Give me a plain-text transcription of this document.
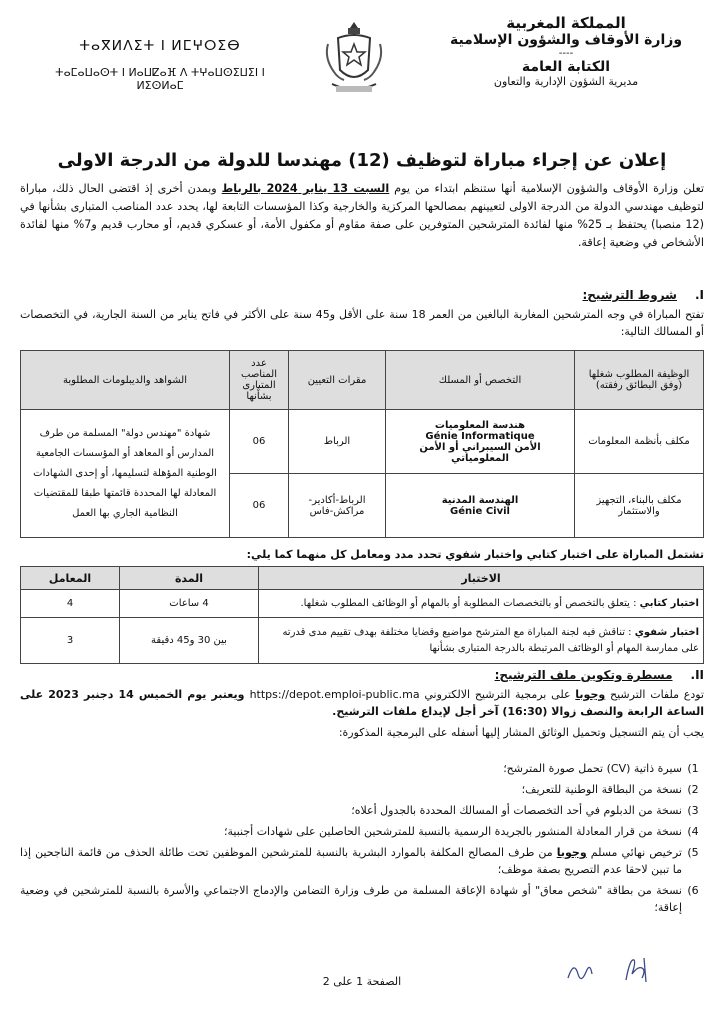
المملكة المغربية
وزارة الأوقاف والشؤون الإسلامية
----
الكتابة العامة
مديرية الشؤون الإدارية والتعاون
ⵜⴰⴳⵍⴷⵉⵜ ⵏ ⵍⵎⵖⵔⵉⴱ
ⵜⴰⵎⴰⵡⴰⵙⵜ ⵏ ⵍⴰⵡⵇⴰⴼ ⴷ ⵜⵖⴰⵡⵙⵉⵡⵉⵏ ⵏ ⵍⵉⵙⵍⴰⵎ
إعلان عن إجراء مباراة لتوظيف (12) مهندسا للدولة من الدرجة الاولى
تعلن وزارة الأوقاف والشؤون الإسلامية أنها ستنظم ابتداء من يوم السبت 13 يناير 2024 بالرباط وبمدن أخرى إذ اقتضى الحال ذلك، مباراة لتوظيف مهندسي الدولة من الدرجة الاولى لتعيينهم بمصالحها المركزية والخارجية وكذا المؤسسات التابعة لها، يحدد عدد المناصب المتبارى بشأنها في (12 منصبا) يحتفظ بـ 25% منها لفائدة المترشحين المتوفرين على صفة مقاوم أو مكفول الأمة، أو عسكري قديم، أو محارب قديم و7% منها لفائدة الأشخاص في وضعية إعاقة.
I.شروط الترشيح:
تفتح المباراة في وجه المترشحين المغاربة البالغين من العمر 18 سنة على الأقل و45 سنة على الأكثر في فاتح يناير من السنة الجارية، في التخصصات أو المسالك التالية:
الوظيفة المطلوب شغلها (وفق البطائق رفقته)	التخصص أو المسلك	مقرات التعيين	عدد المناصب المتبارى بشأنها	الشواهد والديبلومات المطلوبة
مكلف بأنظمة المعلومات	هندسة المعلوميات
Génie Informatique
الأمن السيبراني أو الأمن المعلومياتي	الرباط	06	شهادة "مهندس دولة" المسلمة من طرف المدارس أو المعاهد أو المؤسسات الجامعية الوطنية المؤهلة لتسليمها، أو إحدى الشهادات المعادلة لها المحددة قائمتها طبقا للمقتضيات النظامية الجاري بها العمل
مكلف بالبناء، التجهيز والاستثمار	الهندسة المدنية
Génie Civil	الرباط-أكادير-مراكش-فاس	06	
تشتمل المباراة على اختبار كتابي واختبار شفوي تحدد مدد ومعامل كل منهما كما يلي:
الاختبار	المدة	المعامل
اختبار كتابي : يتعلق بالتخصص أو بالتخصصات المطلوبة أو بالمهام أو الوظائف المطلوب شغلها.	4 ساعات	4
اختبار شفوي : تناقش فيه لجنة المباراة مع المترشح مواضيع وقضايا مختلفة بهدف تقييم مدى قدرته على ممارسة المهام أو الوظائف المرتبطة بالدرجة المتبارى بشأنها	بين 30 و45 دقيقة	3
II.مسطرة وتكوين ملف الترشيح:
تودع ملفات الترشيح وجوبا على برمجية الترشيح الالكتروني https://depot.emploi-public.ma ويعتبر يوم الخميس 14 دجنبر 2023 على الساعة الرابعة والنصف زوالا (16:30) آخر أجل لإيداع ملفات الترشيح.
يجب أن يتم التسجيل وتحميل الوثائق المشار إليها أسفله على البرمجية المذكورة:
1)
سيرة ذاتية (CV) تحمل صورة المترشح؛
2)
نسخة من البطاقة الوطنية للتعريف؛
3)
نسخة من الدبلوم في أحد التخصصات أو المسالك المحددة بالجدول أعلاه؛
4)
نسخة من قرار المعادلة المنشور بالجريدة الرسمية بالنسبة للمترشحين الحاصلين على شهادات أجنبية؛
5)
ترخيص نهائي مسلم وجوبا من طرف المصالح المكلفة بالموارد البشرية بالنسبة للمترشحين الموظفين تحت طائلة الحذف من قائمة الناجحين إذا ما تبين لاحقا عدم التصريح بصفة موظف؛
6)
نسخة من بطاقة "شخص معاق" أو شهادة الإعاقة المسلمة من طرف وزارة التضامن والإدماج الاجتماعي والأسرة بالنسبة للمترشحين في وضعية إعاقة؛
الصفحة 1 على 2
